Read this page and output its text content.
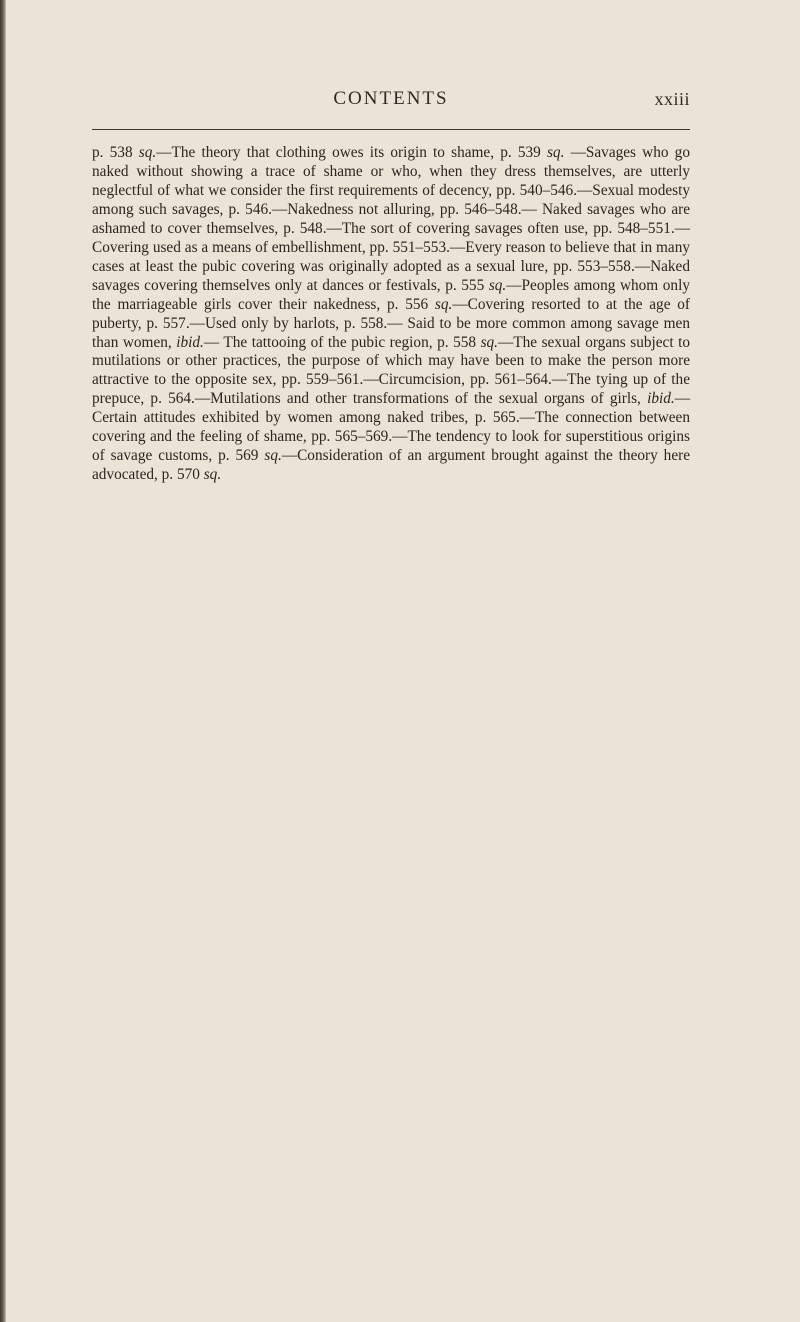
CONTENTS	xxiii

p. 538 sq.—The theory that clothing owes its origin to shame, p. 539 sq. —Savages who go naked without showing a trace of shame or who, when they dress themselves, are utterly neglectful of what we consider the first requirements of decency, pp. 540–546.—Sexual modesty among such savages, p. 546.—Nakedness not alluring, pp. 546–548.— Naked savages who are ashamed to cover themselves, p. 548.—The sort of covering savages often use, pp. 548–551.—Covering used as a means of embellishment, pp. 551–553.—Every reason to believe that in many cases at least the pubic covering was originally adopted as a sexual lure, pp. 553–558.—Naked savages covering themselves only at dances or festivals, p. 555 sq.—Peoples among whom only the marriageable girls cover their nakedness, p. 556 sq.—Covering resorted to at the age of puberty, p. 557.—Used only by harlots, p. 558.— Said to be more common among savage men than women, ibid.— The tattooing of the pubic region, p. 558 sq.—The sexual organs subject to mutilations or other practices, the purpose of which may have been to make the person more attractive to the opposite sex, pp. 559–561.—Circumcision, pp. 561–564.—The tying up of the prepuce, p. 564.—Mutilations and other transformations of the sexual organs of girls, ibid.—Certain attitudes exhibited by women among naked tribes, p. 565.—The connection between covering and the feeling of shame, pp. 565–569.—The tendency to look for superstitious origins of savage customs, p. 569 sq.—Consideration of an argument brought against the theory here advocated, p. 570 sq.
